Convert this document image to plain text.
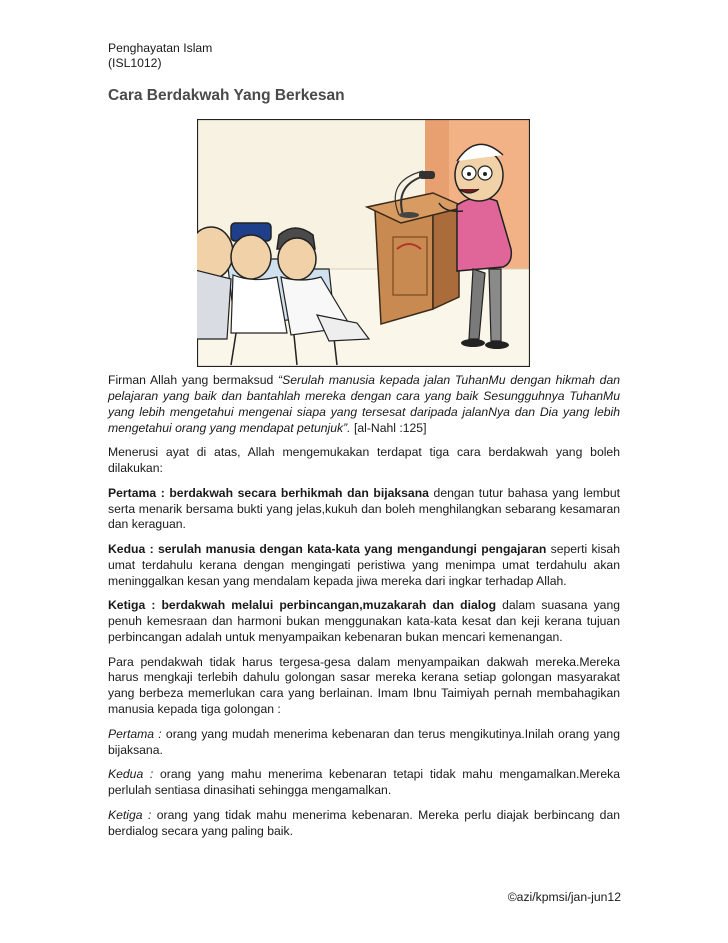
Penghayatan Islam
(ISL1012)
Cara Berdakwah Yang Berkesan

Firman Allah yang bermaksud “Serulah manusia kepada jalan TuhanMu dengan hikmah dan pelajaran yang baik dan bantahlah mereka dengan cara yang baik Sesungguhnya TuhanMu yang lebih mengetahui mengenai siapa yang tersesat daripada jalanNya dan Dia yang lebih mengetahui orang yang mendapat petunjuk”. [al-Nahl :125]

Menerusi ayat di atas, Allah mengemukakan terdapat tiga cara berdakwah yang boleh dilakukan:

Pertama : berdakwah secara berhikmah dan bijaksana dengan tutur bahasa yang lembut serta menarik bersama bukti yang jelas,kukuh dan boleh menghilangkan sebarang kesamaran dan keraguan.

Kedua : serulah manusia dengan kata-kata yang mengandungi pengajaran seperti kisah umat terdahulu kerana dengan mengingati peristiwa yang menimpa umat terdahulu akan meninggalkan kesan yang mendalam kepada jiwa mereka dari ingkar terhadap Allah.

Ketiga : berdakwah melalui perbincangan,muzakarah dan dialog dalam suasana yang penuh kemesraan dan harmoni bukan menggunakan kata-kata kesat dan keji kerana tujuan perbincangan adalah untuk menyampaikan kebenaran bukan mencari kemenangan.

Para pendakwah tidak harus tergesa-gesa dalam menyampaikan dakwah mereka.Mereka harus mengkaji terlebih dahulu golongan sasar mereka kerana setiap golongan masyarakat yang berbeza memerlukan cara yang berlainan. Imam Ibnu Taimiyah pernah membahagikan manusia kepada tiga golongan :

Pertama : orang yang mudah menerima kebenaran dan terus mengikutinya.Inilah orang yang bijaksana.

Kedua : orang yang mahu menerima kebenaran tetapi tidak mahu mengamalkan.Mereka perlulah sentiasa dinasihati sehingga mengamalkan.

Ketiga : orang yang tidak mahu menerima kebenaran. Mereka perlu diajak berbincang dan berdialog secara yang paling baik.

©azi/kpmsi/jan-jun12
